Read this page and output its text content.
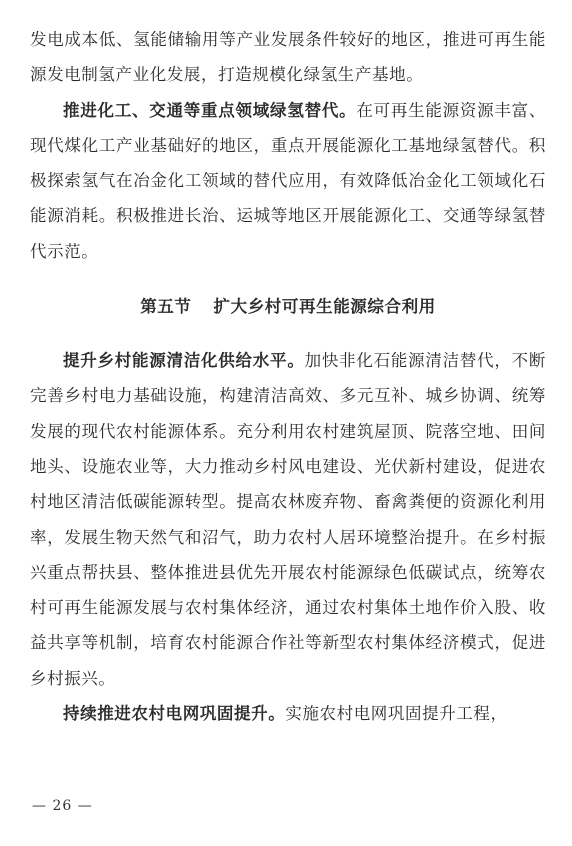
发电成本低、氢能储输用等产业发展条件较好的地区，推进可再生能源发电制氢产业化发展，打造规模化绿氢生产基地。

推进化工、交通等重点领域绿氢替代。在可再生能源资源丰富、现代煤化工产业基础好的地区，重点开展能源化工基地绿氢替代。积极探索氢气在冶金化工领域的替代应用，有效降低冶金化工领域化石能源消耗。积极推进长治、运城等地区开展能源化工、交通等绿氢替代示范。

第五节 扩大乡村可再生能源综合利用

提升乡村能源清洁化供给水平。加快非化石能源清洁替代，不断完善乡村电力基础设施，构建清洁高效、多元互补、城乡协调、统筹发展的现代农村能源体系。充分利用农村建筑屋顶、院落空地、田间地头、设施农业等，大力推动乡村风电建设、光伏新村建设，促进农村地区清洁低碳能源转型。提高农林废弃物、畜禽粪便的资源化利用率，发展生物天然气和沼气，助力农村人居环境整治提升。在乡村振兴重点帮扶县、整体推进县优先开展农村能源绿色低碳试点，统筹农村可再生能源发展与农村集体经济，通过农村集体土地作价入股、收益共享等机制，培育农村能源合作社等新型农村集体经济模式，促进乡村振兴。

持续推进农村电网巩固提升。实施农村电网巩固提升工程，

— 26 —
